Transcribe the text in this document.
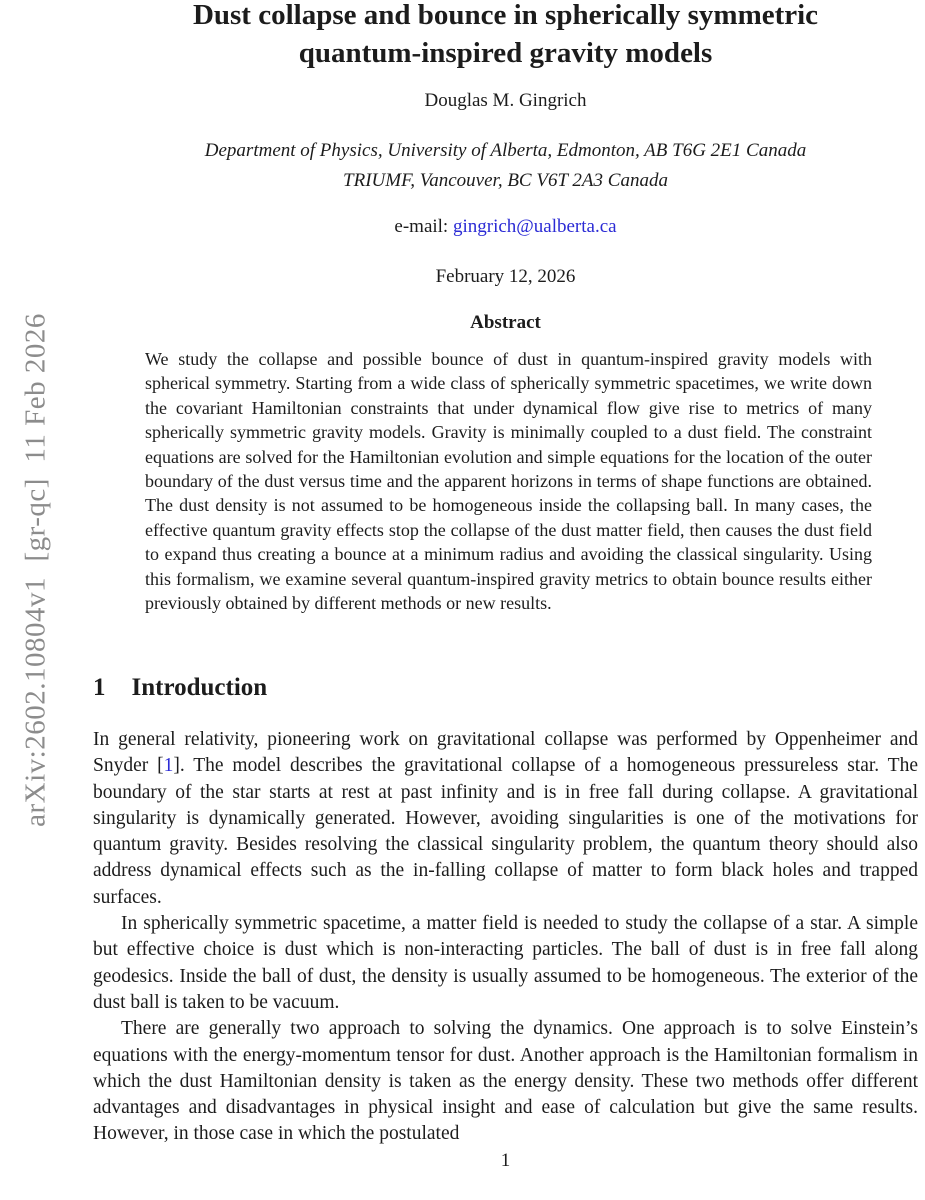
arXiv:2602.10804v1  [gr-qc]  11 Feb 2026
Dust collapse and bounce in spherically symmetric
quantum-inspired gravity models
Douglas M. Gingrich
Department of Physics, University of Alberta, Edmonton, AB T6G 2E1 Canada
TRIUMF, Vancouver, BC V6T 2A3 Canada
e-mail: gingrich@ualberta.ca
February 12, 2026
Abstract
We study the collapse and possible bounce of dust in quantum-inspired gravity models with spherical symmetry. Starting from a wide class of spherically symmetric spacetimes, we write down the covariant Hamiltonian constraints that under dynamical flow give rise to metrics of many spherically symmetric gravity models. Gravity is minimally coupled to a dust field. The constraint equations are solved for the Hamiltonian evolution and simple equations for the location of the outer boundary of the dust versus time and the apparent horizons in terms of shape functions are obtained. The dust density is not assumed to be homogeneous inside the collapsing ball. In many cases, the effective quantum gravity effects stop the collapse of the dust matter field, then causes the dust field to expand thus creating a bounce at a minimum radius and avoiding the classical singularity. Using this formalism, we examine several quantum-inspired gravity metrics to obtain bounce results either previously obtained by different methods or new results.
1 Introduction

In general relativity, pioneering work on gravitational collapse was performed by Oppenheimer and Snyder [1]. The model describes the gravitational collapse of a homogeneous pressureless star. The boundary of the star starts at rest at past infinity and is in free fall during collapse. A gravitational singularity is dynamically generated. However, avoiding singularities is one of the motivations for quantum gravity. Besides resolving the classical singularity problem, the quantum theory should also address dynamical effects such as the in-falling collapse of matter to form black holes and trapped surfaces.

In spherically symmetric spacetime, a matter field is needed to study the collapse of a star. A simple but effective choice is dust which is non-interacting particles. The ball of dust is in free fall along geodesics. Inside the ball of dust, the density is usually assumed to be homogeneous. The exterior of the dust ball is taken to be vacuum.

There are generally two approach to solving the dynamics. One approach is to solve Einstein’s equations with the energy-momentum tensor for dust. Another approach is the Hamiltonian formalism in which the dust Hamiltonian density is taken as the energy density. These two methods offer different advantages and disadvantages in physical insight and ease of calculation but give the same results. However, in those case in which the postulated

1
